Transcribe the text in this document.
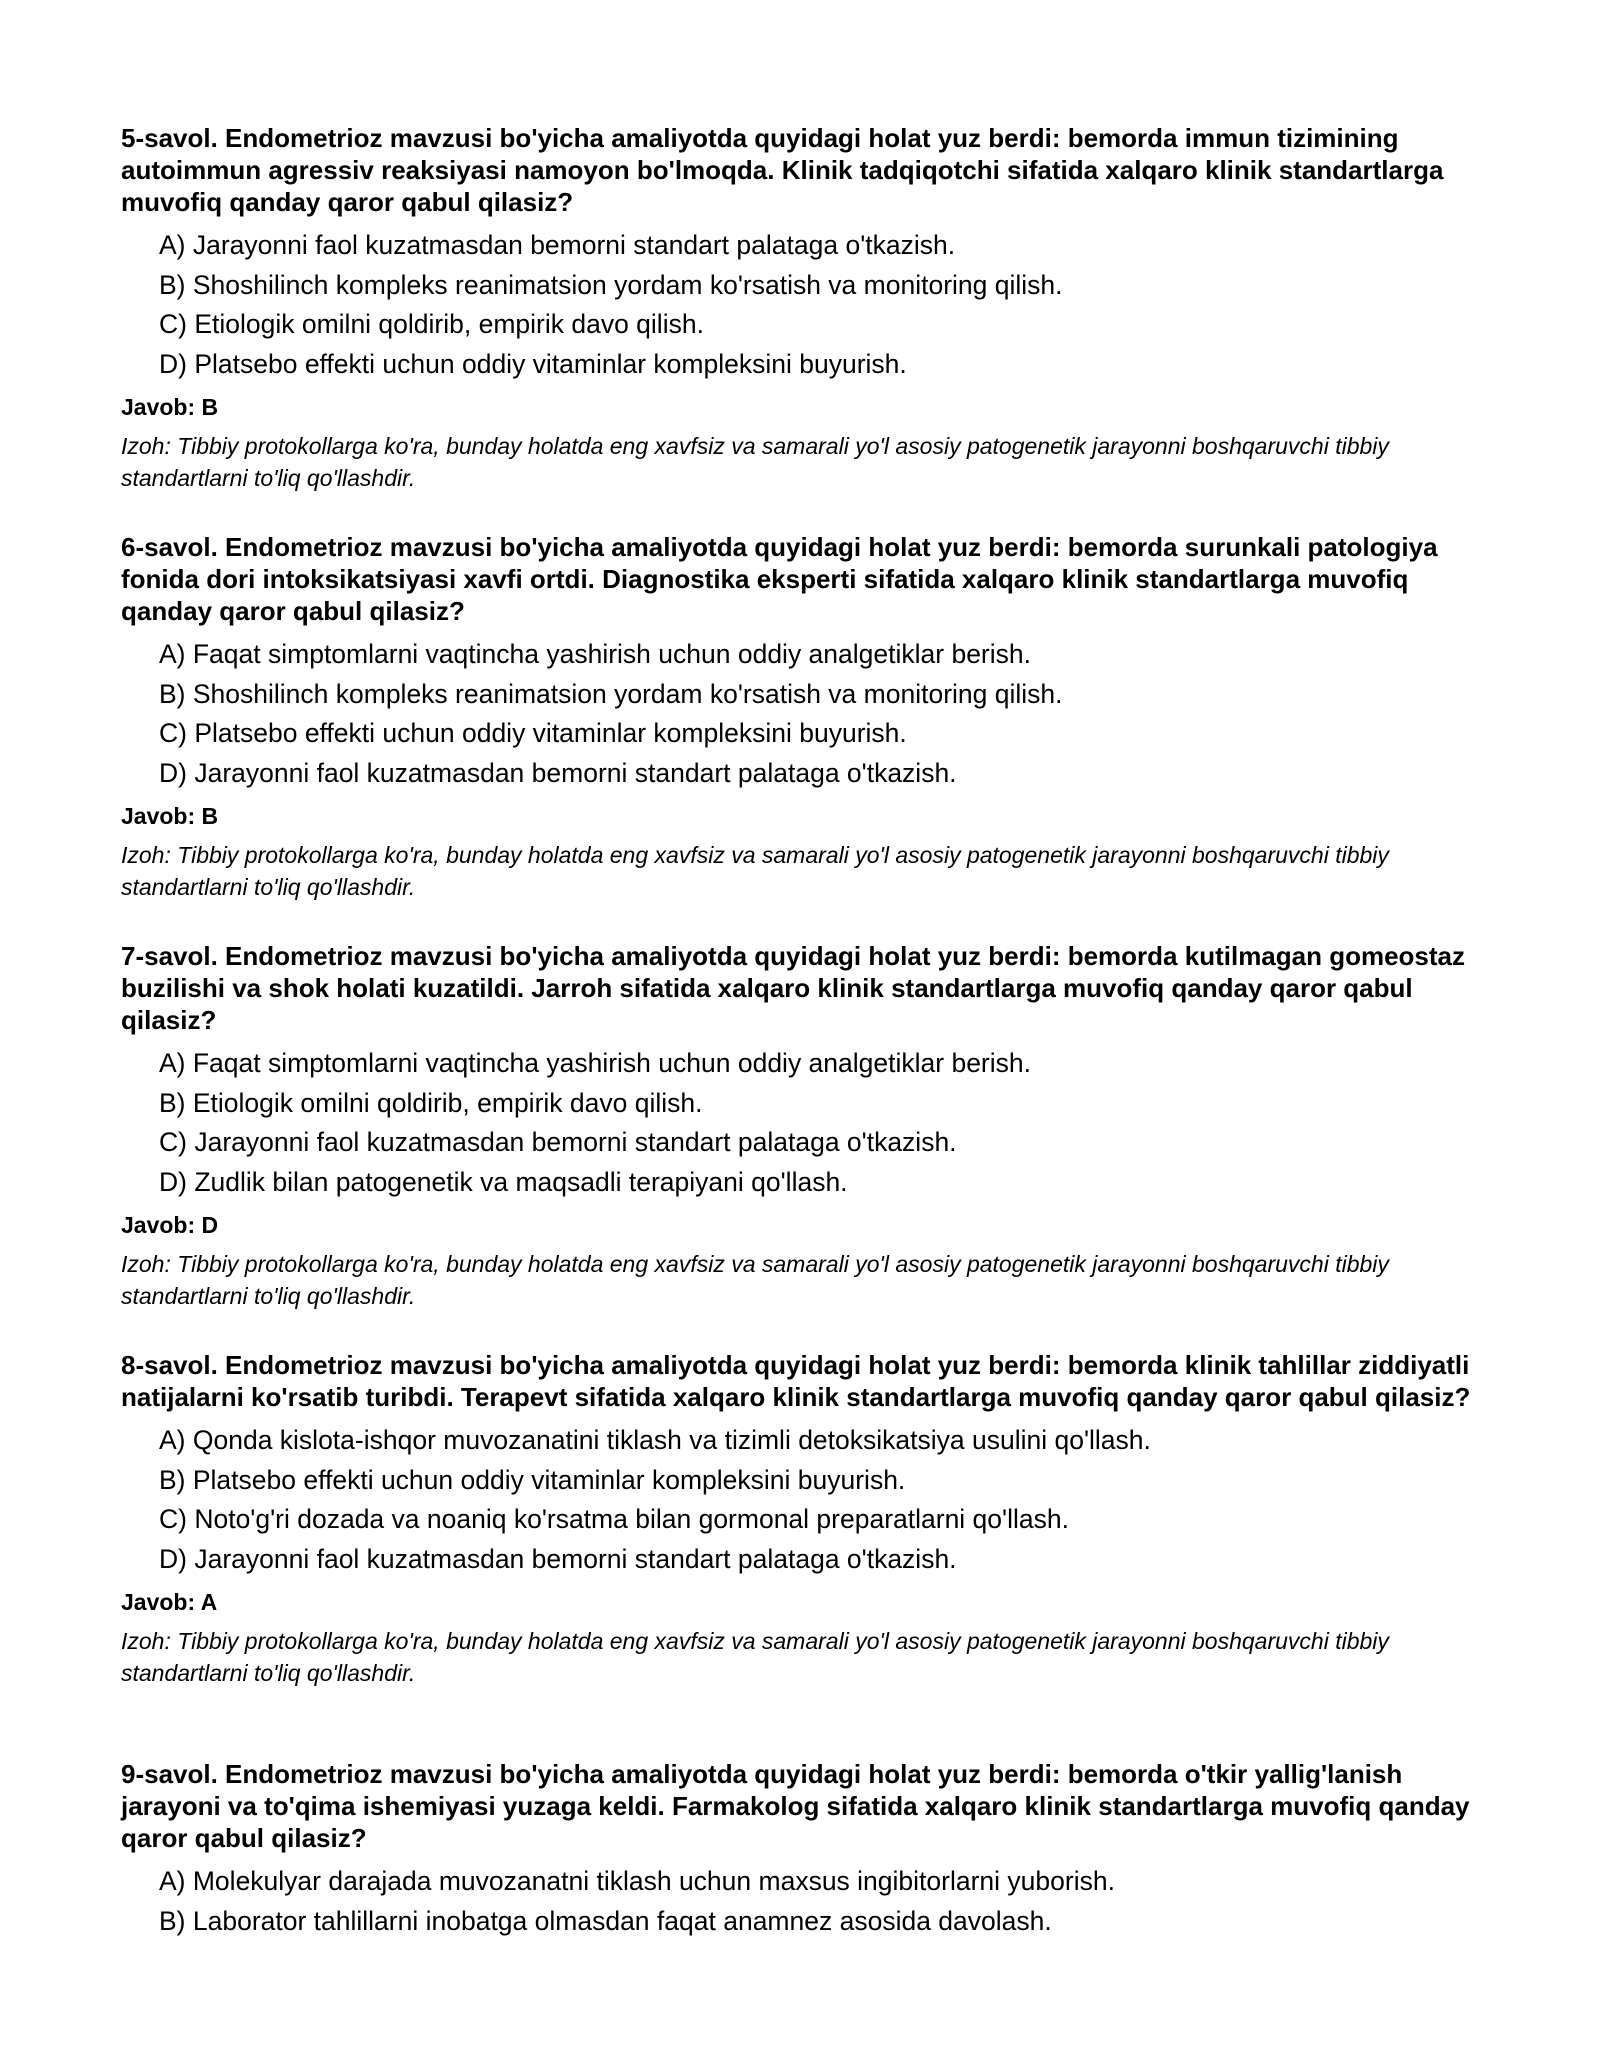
5-savol. Endometrioz mavzusi bo'yicha amaliyotda quyidagi holat yuz berdi: bemorda immun tizimining autoimmun agressiv reaksiyasi namoyon bo'lmoqda. Klinik tadqiqotchi sifatida xalqaro klinik standartlarga muvofiq qanday qaror qabul qilasiz?
A) Jarayonni faol kuzatmasdan bemorni standart palataga o'tkazish.
B) Shoshilinch kompleks reanimatsion yordam ko'rsatish va monitoring qilish.
C) Etiologik omilni qoldirib, empirik davo qilish.
D) Platsebo effekti uchun oddiy vitaminlar kompleksini buyurish.
Javob: B
Izoh: Tibbiy protokollarga ko'ra, bunday holatda eng xavfsiz va samarali yo'l asosiy patogenetik jarayonni boshqaruvchi tibbiy standartlarni to'liq qo'llashdir.
6-savol. Endometrioz mavzusi bo'yicha amaliyotda quyidagi holat yuz berdi: bemorda surunkali patologiya fonida dori intoksikatsiyasi xavfi ortdi. Diagnostika eksperti sifatida xalqaro klinik standartlarga muvofiq qanday qaror qabul qilasiz?
A) Faqat simptomlarni vaqtincha yashirish uchun oddiy analgetiklar berish.
B) Shoshilinch kompleks reanimatsion yordam ko'rsatish va monitoring qilish.
C) Platsebo effekti uchun oddiy vitaminlar kompleksini buyurish.
D) Jarayonni faol kuzatmasdan bemorni standart palataga o'tkazish.
Javob: B
Izoh: Tibbiy protokollarga ko'ra, bunday holatda eng xavfsiz va samarali yo'l asosiy patogenetik jarayonni boshqaruvchi tibbiy standartlarni to'liq qo'llashdir.
7-savol. Endometrioz mavzusi bo'yicha amaliyotda quyidagi holat yuz berdi: bemorda kutilmagan gomeostaz buzilishi va shok holati kuzatildi. Jarroh sifatida xalqaro klinik standartlarga muvofiq qanday qaror qabul qilasiz?
A) Faqat simptomlarni vaqtincha yashirish uchun oddiy analgetiklar berish.
B) Etiologik omilni qoldirib, empirik davo qilish.
C) Jarayonni faol kuzatmasdan bemorni standart palataga o'tkazish.
D) Zudlik bilan patogenetik va maqsadli terapiyani qo'llash.
Javob: D
Izoh: Tibbiy protokollarga ko'ra, bunday holatda eng xavfsiz va samarali yo'l asosiy patogenetik jarayonni boshqaruvchi tibbiy standartlarni to'liq qo'llashdir.
8-savol. Endometrioz mavzusi bo'yicha amaliyotda quyidagi holat yuz berdi: bemorda klinik tahlillar ziddiyatli natijalarni ko'rsatib turibdi. Terapevt sifatida xalqaro klinik standartlarga muvofiq qanday qaror qabul qilasiz?
A) Qonda kislota-ishqor muvozanatini tiklash va tizimli detoksikatsiya usulini qo'llash.
B) Platsebo effekti uchun oddiy vitaminlar kompleksini buyurish.
C) Noto'g'ri dozada va noaniq ko'rsatma bilan gormonal preparatlarni qo'llash.
D) Jarayonni faol kuzatmasdan bemorni standart palataga o'tkazish.
Javob: A
Izoh: Tibbiy protokollarga ko'ra, bunday holatda eng xavfsiz va samarali yo'l asosiy patogenetik jarayonni boshqaruvchi tibbiy standartlarni to'liq qo'llashdir.
9-savol. Endometrioz mavzusi bo'yicha amaliyotda quyidagi holat yuz berdi: bemorda o'tkir yallig'lanish jarayoni va to'qima ishemiyasi yuzaga keldi. Farmakolog sifatida xalqaro klinik standartlarga muvofiq qanday qaror qabul qilasiz?
A) Molekulyar darajada muvozanatni tiklash uchun maxsus ingibitorlarni yuborish.
B) Laborator tahlillarni inobatga olmasdan faqat anamnez asosida davolash.
